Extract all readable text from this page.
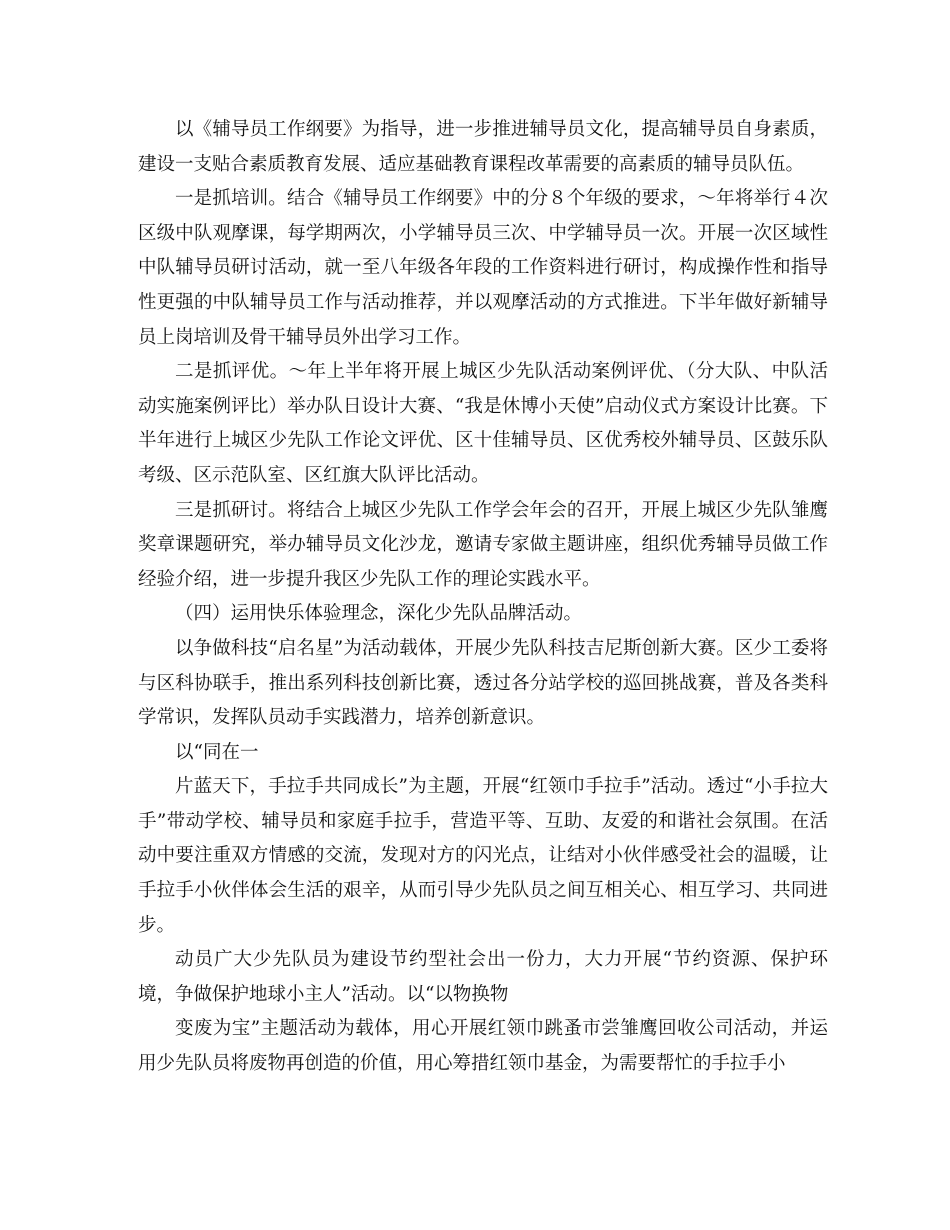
以《辅导员工作纲要》为指导，进一步推进辅导员文化，提高辅导员自身素质，建设一支贴合素质教育发展、适应基础教育课程改革需要的高素质的辅导员队伍。

一是抓培训。结合《辅导员工作纲要》中的分８个年级的要求，～年将举行４次区级中队观摩课，每学期两次，小学辅导员三次、中学辅导员一次。开展一次区域性中队辅导员研讨活动，就一至八年级各年段的工作资料进行研讨，构成操作性和指导性更强的中队辅导员工作与活动推荐，并以观摩活动的方式推进。下半年做好新辅导员上岗培训及骨干辅导员外出学习工作。

二是抓评优。～年上半年将开展上城区少先队活动案例评优、（分大队、中队活动实施案例评比）举办队日设计大赛、“我是休博小天使”启动仪式方案设计比赛。下半年进行上城区少先队工作论文评优、区十佳辅导员、区优秀校外辅导员、区鼓乐队考级、区示范队室、区红旗大队评比活动。

三是抓研讨。将结合上城区少先队工作学会年会的召开，开展上城区少先队雏鹰奖章课题研究，举办辅导员文化沙龙，邀请专家做主题讲座，组织优秀辅导员做工作经验介绍，进一步提升我区少先队工作的理论实践水平。

（四）运用快乐体验理念，深化少先队品牌活动。

以争做科技“启名星”为活动载体，开展少先队科技吉尼斯创新大赛。区少工委将与区科协联手，推出系列科技创新比赛，透过各分站学校的巡回挑战赛，普及各类科学常识，发挥队员动手实践潜力，培养创新意识。

以“同在一

片蓝天下，手拉手共同成长”为主题，开展“红领巾手拉手”活动。透过“小手拉大手”带动学校、辅导员和家庭手拉手，营造平等、互助、友爱的和谐社会氛围。在活动中要注重双方情感的交流，发现对方的闪光点，让结对小伙伴感受社会的温暖，让手拉手小伙伴体会生活的艰辛，从而引导少先队员之间互相关心、相互学习、共同进步。

动员广大少先队员为建设节约型社会出一份力，大力开展“节约资源、保护环境，争做保护地球小主人”活动。以“以物换物

变废为宝”主题活动为载体，用心开展红领巾跳蚤市尝雏鹰回收公司活动，并运用少先队员将废物再创造的价值，用心筹措红领巾基金，为需要帮忙的手拉手小
